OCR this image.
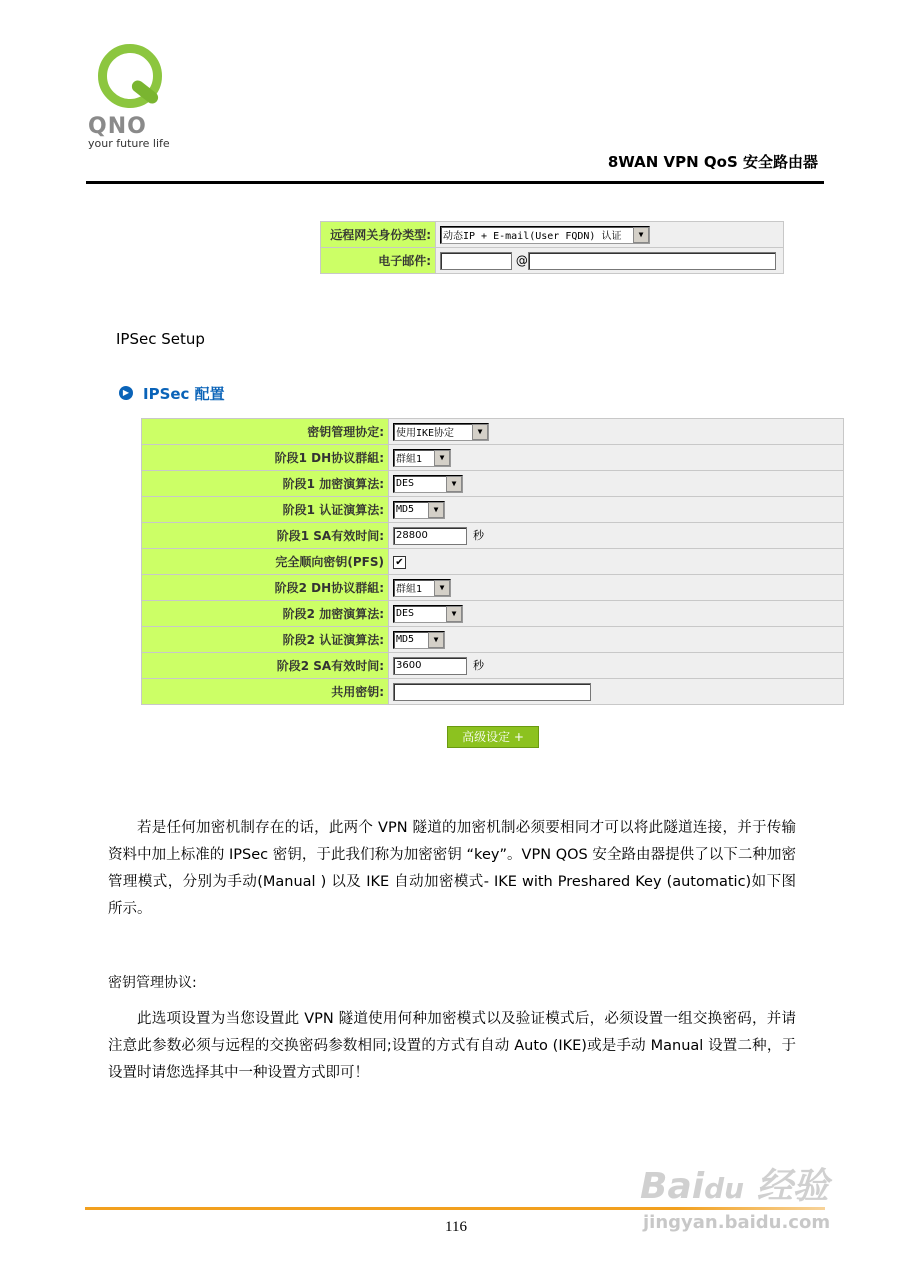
QNO
your future life
8WAN VPN QoS 安全路由器
远程网关身份类型:	动态IP + E-mail(User FQDN) 认证 ▼

电子邮件:	@
IPSec Setup
▶ IPSec 配置
密钥管理协定:	使用IKE协定 ▼

阶段1 DH协议群組:	群組1 ▼

阶段1 加密演算法:	DES ▼

阶段1 认证演算法:	MD5 ▼

阶段1 SA有效时间:	28800 秒
完全顺向密钥(PFS)	✔
阶段2 DH协议群組:	群組1 ▼

阶段2 加密演算法:	DES ▼

阶段2 认证演算法:	MD5 ▼

阶段2 SA有效时间:	3600 秒
共用密钥:	
高级设定 +

若是任何加密机制存在的话，此两个 VPN 隧道的加密机制必须要相同才可以将此隧道连接，并于传输资料中加上标准的 IPSec 密钥，于此我们称为加密密钥 “key”。VPN QOS 安全路由器提供了以下二种加密管理模式，分别为手动(Manual ) 以及 IKE 自动加密模式- IKE with Preshared Key (automatic)如下图所示。

密钥管理协议:

此选项设置为当您设置此 VPN 隧道使用何种加密模式以及验证模式后，必须设置一组交换密码，并请注意此参数必须与远程的交换密码参数相同;设置的方式有自动 Auto (IKE)或是手动 Manual 设置二种，于设置时请您选择其中一种设置方式即可！

Baidu 经验
jingyan.baidu.com
116
